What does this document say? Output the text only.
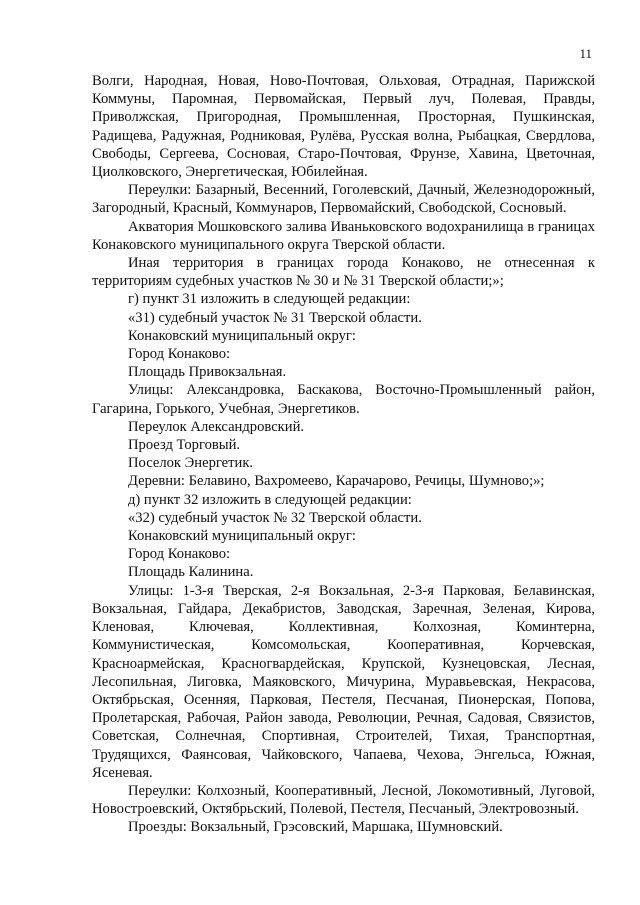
11

Волги, Народная, Новая, Ново-Почтовая, Ольховая, Отрадная, Парижской Коммуны, Паромная, Первомайская, Первый луч, Полевая, Правды, Приволжская, Пригородная, Промышленная, Просторная, Пушкинская, Радищева, Радужная, Родниковая, Рулёва, Русская волна, Рыбацкая, Свердлова, Свободы, Сергеева, Сосновая, Старо-Почтовая, Фрунзе, Хавина, Цветочная, Циолковского, Энергетическая, Юбилейная.

Переулки: Базарный, Весенний, Гоголевский, Дачный, Железнодорожный, Загородный, Красный, Коммунаров, Первомайский, Свободской, Сосновый.

Акватория Мошковского залива Иваньковского водохранилища в границах Конаковского муниципального округа Тверской области.

Иная территория в границах города Конаково, не отнесенная к территориям судебных участков № 30 и № 31 Тверской области;»;

г) пункт 31 изложить в следующей редакции:

«31) судебный участок № 31 Тверской области.

Конаковский муниципальный округ:

Город Конаково:

Площадь Привокзальная.

Улицы: Александровка, Баскакова, Восточно-Промышленный район, Гагарина, Горького, Учебная, Энергетиков.

Переулок Александровский.

Проезд Торговый.

Поселок Энергетик.

Деревни: Белавино, Вахромеево, Карачарово, Речицы, Шумново;»;

д) пункт 32 изложить в следующей редакции:

«32) судебный участок № 32 Тверской области.

Конаковский муниципальный округ:

Город Конаково:

Площадь Калинина.

Улицы: 1-3-я Тверская, 2-я Вокзальная, 2-3-я Парковая, Белавинская, Вокзальная, Гайдара, Декабристов, Заводская, Заречная, Зеленая, Кирова, Кленовая, Ключевая, Коллективная, Колхозная, Коминтерна, Коммунистическая, Комсомольская, Кооперативная, Корчевская, Красноармейская, Красногвардейская, Крупской, Кузнецовская, Лесная, Лесопильная, Лиговка, Маяковского, Мичурина, Муравьевская, Некрасова, Октябрьская, Осенняя, Парковая, Пестеля, Песчаная, Пионерская, Попова, Пролетарская, Рабочая, Район завода, Революции, Речная, Садовая, Связистов, Советская, Солнечная, Спортивная, Строителей, Тихая, Транспортная, Трудящихся, Фаянсовая, Чайковского, Чапаева, Чехова, Энгельса, Южная, Ясеневая.

Переулки: Колхозный, Кооперативный, Лесной, Локомотивный, Луговой, Новостроевский, Октябрьский, Полевой, Пестеля, Песчаный, Электровозный.

Проезды: Вокзальный, Грэсовский, Маршака, Шумновский.
